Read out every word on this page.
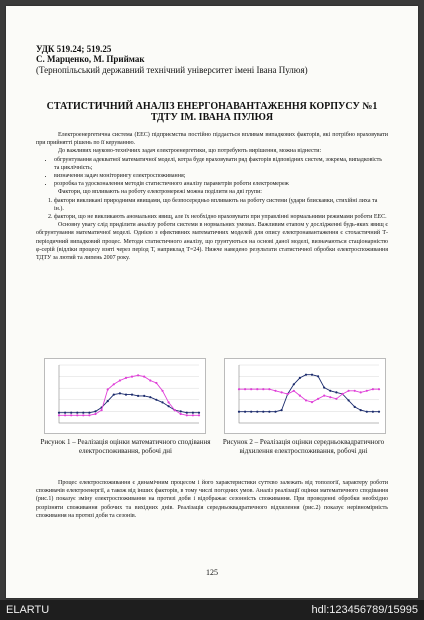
УДК 519.24; 519.25
С. Марценко, М. Приймак
(Тернопільський державний технічний університет імені Івана Пулюя)
СТАТИСТИЧНИЙ АНАЛІЗ ЕНЕРГОНАВАНТАЖЕННЯ КОРПУСУ №1 ТДТУ ІМ. ІВАНА ПУЛЮЯ

Електроенергетична система (ЕЕС) підприємства постійно піддається впливам випадкових факторів, які потрібно враховувати при прийнятті рішень по її керуванню.

До важливих науково-технічних задач електроенергетики, що потребують вирішення, можна віднести:

• обгрунтування адекватної математичної моделі, котра буде враховувати ряд факторів відповідних систем, зокрема, випадковість та циклічність;
• визначення задач моніторингу електроспоживання;
• розробка та удосконалення методів статистичного аналізу параметрів роботи електромереж

Фактори, що впливають на роботу електромережі можна поділити на дві групи:

1. фактори викликані природними явищами, що безпосередньо впливають на роботу системи (удари блискавки, стихійні лиха та ін.).
2. фактори, що не викликають аномальних явищ, але їх необхідно враховувати при управлінні нормальними режимами роботи ЕЕС.

Основну увагу слід приділити аналізу роботи системи в нормальних умовах. Важливим етапом у дослідженні будь-яких явищ є обгрунтування математичної моделі. Однією з ефективних математичних моделей для опису електронавантаження є стохастичний Т-періодичний випадковий процес. Методи статистичного аналізу, що грунтуються на основі даної моделі, визначаються стаціонарністю φ-серій (відліки процесу взяті через період Т, наприклад Т=24). Нижче наведено результати статистичної обробки електроспоживання ТДТУ за лютий та липень 2007 року.

Рисунок 1 – Реалізація оцінки математичного сподівання електроспоживання, робочі дні
Рисунок 2 – Реалізація оцінки середньоквадратичного відхилення електроспоживання, робочі дні

Процес електроспоживання є динамічним процесом і його характеристики суттєво залежать від топології, характеру роботи споживачів електроенергії, а також від інших факторів, в тому числі погодних умов. Аналіз реалізації оцінки математичного сподівання (рис.1) показує зміну електроспоживання на протязі доби і відображає сезонність споживання. При проведенні обробки необхідно розрізняти споживання робочих та вихідних днів. Реалізація середньоквадратичного відхилення (рис.2) показує нерівномірність споживання на протязі доби та сезонів.

125
ELARTU	hdl:123456789/15995
